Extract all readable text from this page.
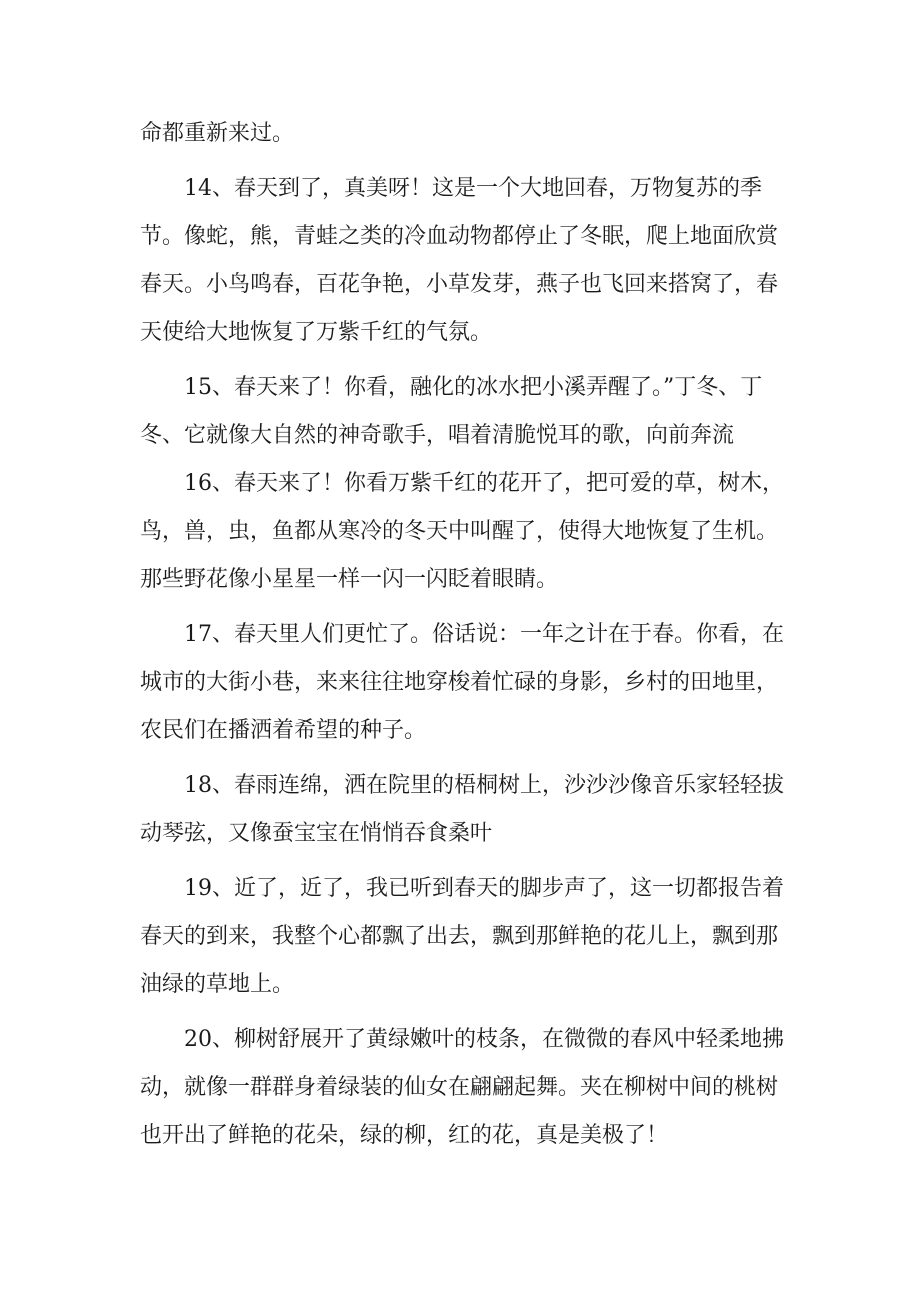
命都重新来过。

14、春天到了，真美呀！这是一个大地回春，万物复苏的季节。像蛇，熊，青蛙之类的冷血动物都停止了冬眠，爬上地面欣赏春天。小鸟鸣春，百花争艳，小草发芽，燕子也飞回来搭窝了，春天使给大地恢复了万紫千红的气氛。

15、春天来了！你看，融化的冰水把小溪弄醒了。”丁冬、丁冬、它就像大自然的神奇歌手，唱着清脆悦耳的歌，向前奔流

16、春天来了！你看万紫千红的花开了，把可爱的草，树木，鸟，兽，虫，鱼都从寒冷的冬天中叫醒了，使得大地恢复了生机。那些野花像小星星一样一闪一闪眨着眼睛。

17、春天里人们更忙了。俗话说：一年之计在于春。你看，在城市的大街小巷，来来往往地穿梭着忙碌的身影，乡村的田地里，农民们在播洒着希望的种子。

18、春雨连绵，洒在院里的梧桐树上，沙沙沙像音乐家轻轻拔动琴弦，又像蚕宝宝在悄悄吞食桑叶

19、近了，近了，我已听到春天的脚步声了，这一切都报告着春天的到来，我整个心都飘了出去，飘到那鲜艳的花儿上，飘到那油绿的草地上。

20、柳树舒展开了黄绿嫩叶的枝条，在微微的春风中轻柔地拂动，就像一群群身着绿装的仙女在翩翩起舞。夹在柳树中间的桃树也开出了鲜艳的花朵，绿的柳，红的花，真是美极了！
